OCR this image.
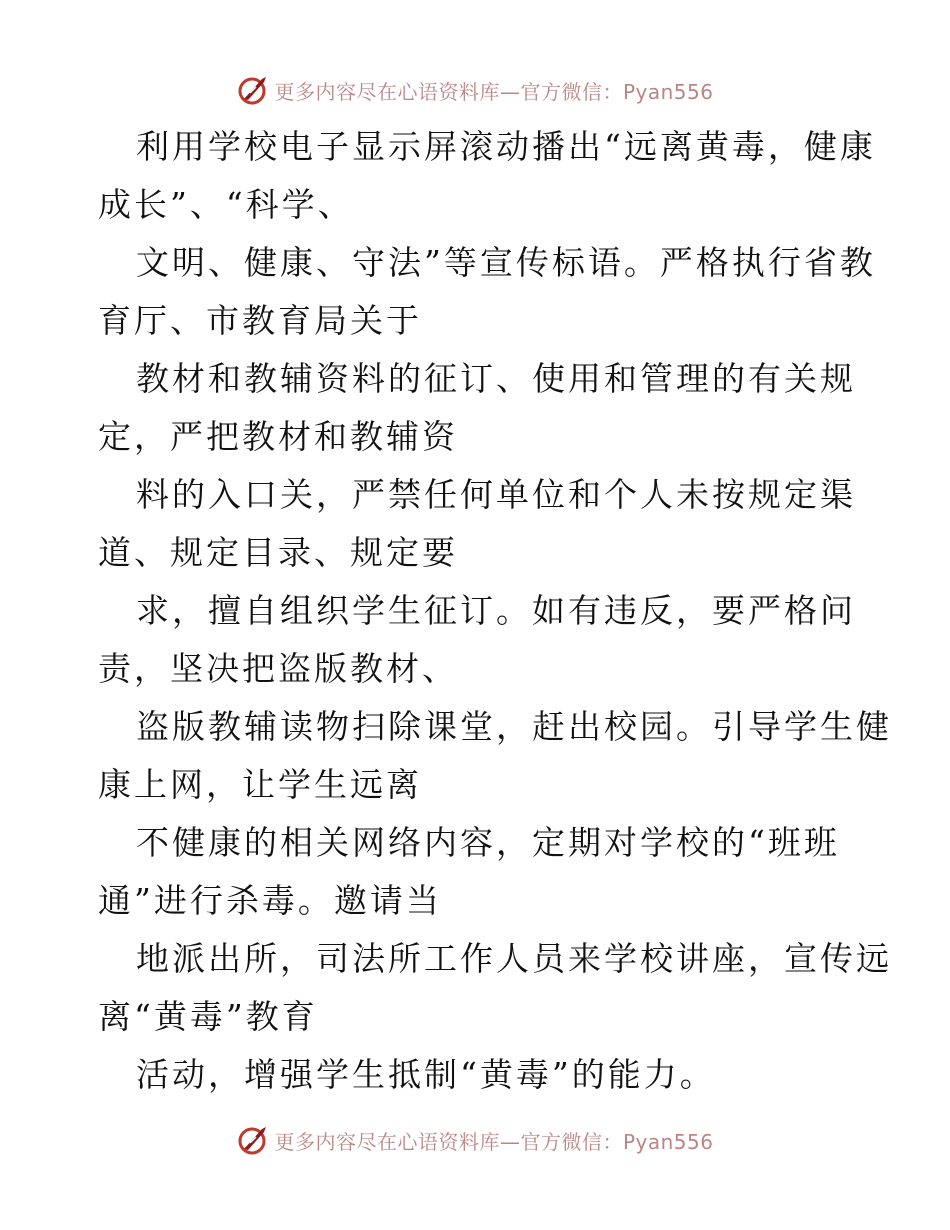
更多内容尽在心语资料库—官方微信：Pyan556
利用学校电子显示屏滚动播出“远离黄毒，健康
成长”、“科学、
文明、健康、守法”等宣传标语。严格执行省教
育厅、市教育局关于
教材和教辅资料的征订、使用和管理的有关规
定，严把教材和教辅资
料的入口关，严禁任何单位和个人未按规定渠
道、规定目录、规定要
求，擅自组织学生征订。如有违反，要严格问
责，坚决把盗版教材、
盗版教辅读物扫除课堂，赶出校园。引导学生健
康上网，让学生远离
不健康的相关网络内容，定期对学校的“班班
通”进行杀毒。邀请当
地派出所，司法所工作人员来学校讲座，宣传远
离“黄毒”教育
活动，增强学生抵制“黄毒”的能力。
更多内容尽在心语资料库—官方微信：Pyan556
